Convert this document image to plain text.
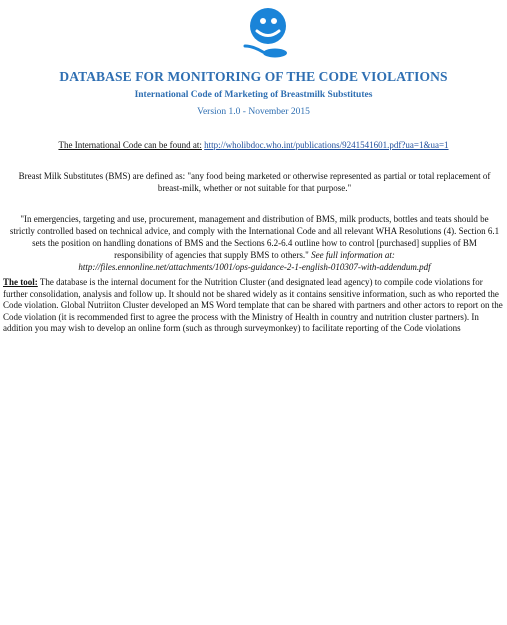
DATABASE FOR MONITORING OF THE CODE VIOLATIONS
International Code of Marketing of Breastmilk Substitutes
Version 1.0 - November 2015
The International Code can be found at: http://wholibdoc.who.int/publications/9241541601.pdf?ua=1&ua=1
Breast Milk Substitutes (BMS) are defined as: "any food being marketed or otherwise represented as partial or total replacement of breast-milk, whether or not suitable for that purpose."
"In emergencies, targeting and use, procurement, management and distribution of BMS, milk products, bottles and teats should be strictly controlled based on technical advice, and comply with the International Code and all relevant WHA Resolutions (4). Section 6.1 sets the position on handling donations of BMS and the Sections 6.2-6.4 outline how to control [purchased] supplies of BM responsibility of agencies that supply BMS to others." See full information at:
http://files.ennonline.net/attachments/1001/ops-guidance-2-1-english-010307-with-addendum.pdf
The tool: The database is the internal document for the Nutrition Cluster (and designated lead agency) to compile code violations for further consolidation, analysis and follow up. It should not be shared widely as it contains sensitive information, such as who reported the Code violation. Global Nutriiton Cluster developed an MS Word template that can be shared with partners and other actors to report on the Code violation (it is recommended first to agree the process with the Ministry of Health in country and nutrition cluster partners). In addition you may wish to develop an online form (such as through surveymonkey) to facilitate reporting of the Code violations
